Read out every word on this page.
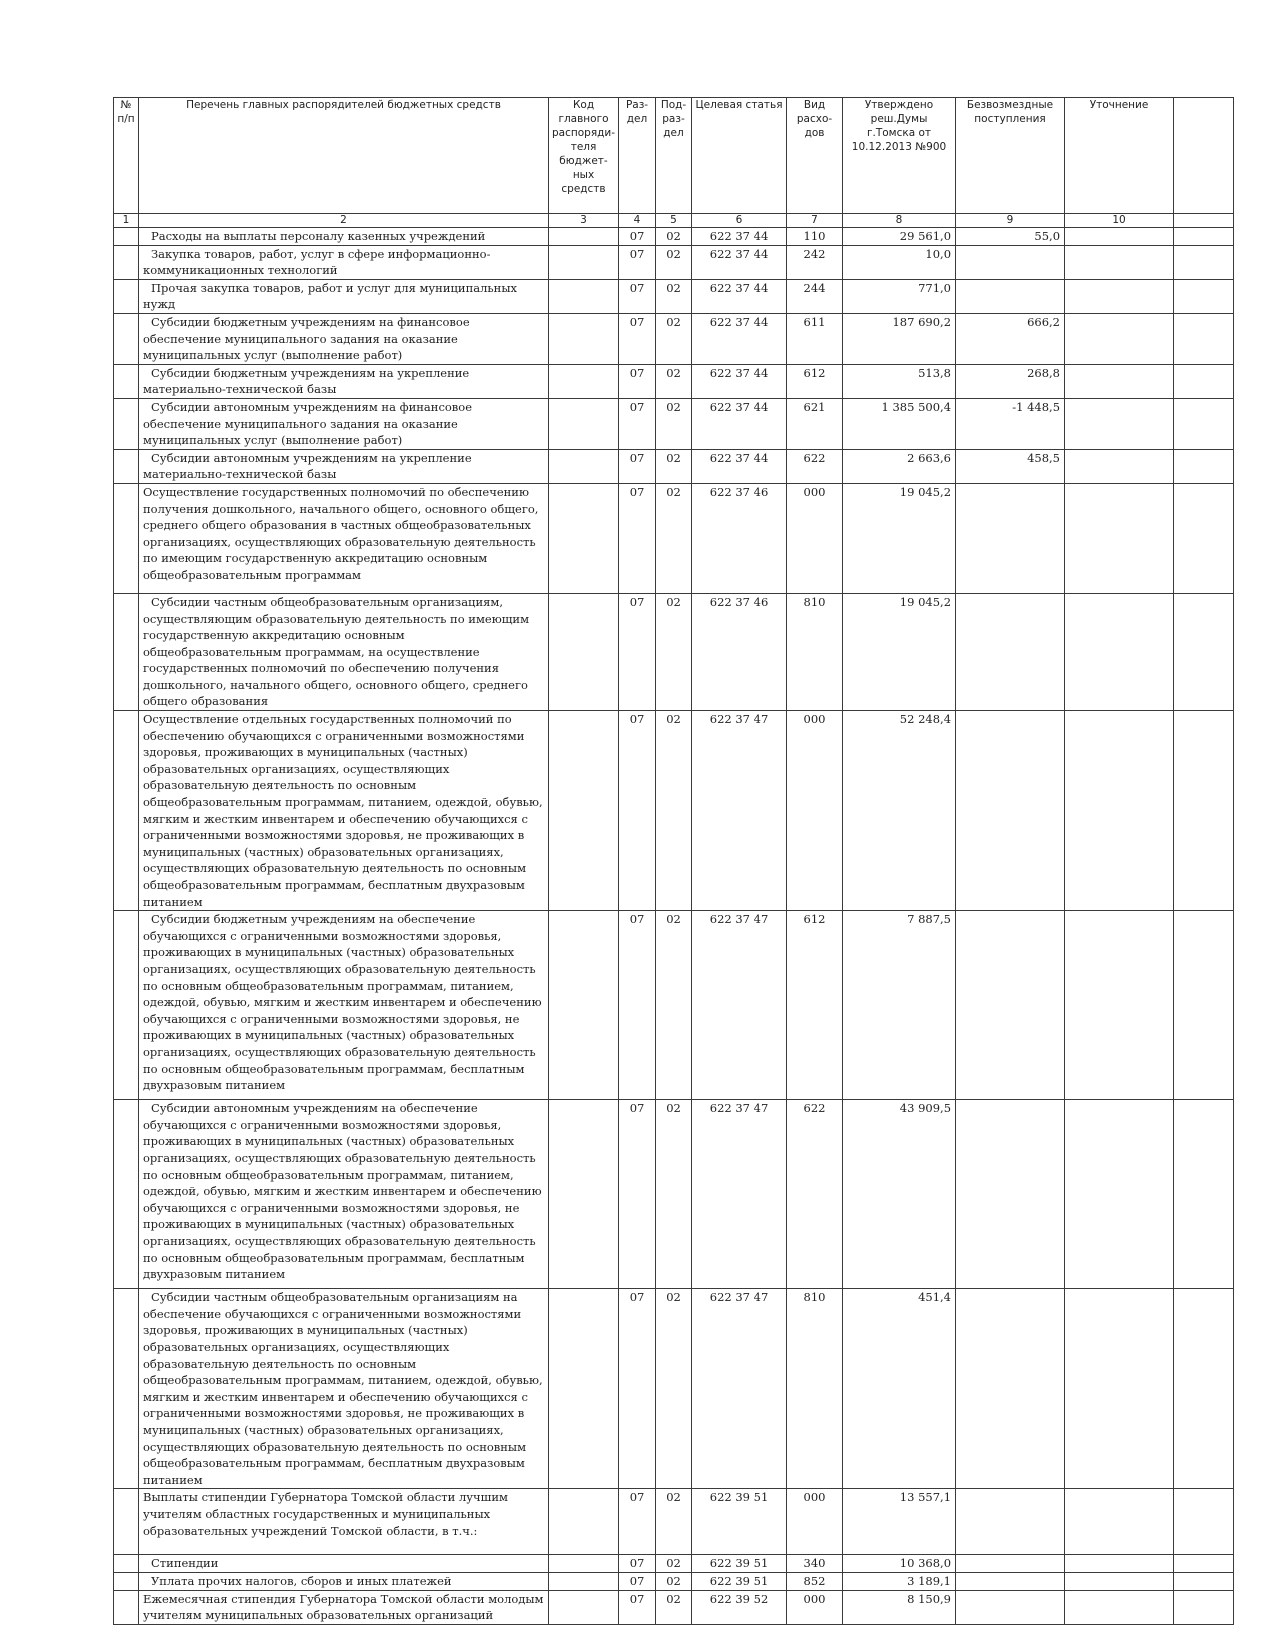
№ п/п	Перечень главных распорядителей бюджетных средств	Код главного распоряди-теля бюджет-ных средств	Раз-дел	Под-раз-дел	Целевая статья	Вид расхо-дов	Утверждено реш.Думы г.Томска от 10.12.2013 №900	Безвозмездные поступления	Уточнение	
1	2	3	4	5	6	7	8	9	10	
	Расходы на выплаты персоналу казенных учреждений		07	02	622 37 44	110	29 561,0	55,0		
	Закупка товаров, работ, услуг в сфере информационно-коммуникационных технологий		07	02	622 37 44	242	10,0			
	Прочая закупка товаров, работ и услуг для муниципальных нужд		07	02	622 37 44	244	771,0			
	Субсидии бюджетным учреждениям на финансовое обеспечение муниципального задания на оказание муниципальных услуг (выполнение работ)		07	02	622 37 44	611	187 690,2	666,2		
	Субсидии бюджетным учреждениям на укрепление материально-технической базы		07	02	622 37 44	612	513,8	268,8		
	Субсидии автономным учреждениям на финансовое обеспечение муниципального задания на оказание муниципальных услуг (выполнение работ)		07	02	622 37 44	621	1 385 500,4	-1 448,5		
	Субсидии автономным учреждениям на укрепление материально-технической базы		07	02	622 37 44	622	2 663,6	458,5		
	Осуществление государственных полномочий по обеспечению получения дошкольного, начального общего, основного общего, среднего общего образования в частных общеобразовательных организациях, осуществляющих образовательную деятельность по имеющим государственную аккредитацию основным общеобразовательным программам		07	02	622 37 46	000	19 045,2			
	Субсидии частным общеобразовательным организациям, осуществляющим образовательную деятельность по имеющим государственную аккредитацию основным общеобразовательным программам, на осуществление государственных полномочий по обеспечению получения дошкольного, начального общего, основного общего, среднего общего образования		07	02	622 37 46	810	19 045,2			
	Осуществление отдельных государственных полномочий по обеспечению обучающихся с ограниченными возможностями здоровья, проживающих в муниципальных (частных) образовательных организациях, осуществляющих образовательную деятельность по основным общеобразовательным программам, питанием, одеждой, обувью, мягким и жестким инвентарем и обеспечению обучающихся с ограниченными возможностями здоровья, не проживающих в муниципальных (частных) образовательных организациях, осуществляющих образовательную деятельность по основным общеобразовательным программам, бесплатным двухразовым питанием		07	02	622 37 47	000	52 248,4			
	Субсидии бюджетным учреждениям на обеспечение обучающихся с ограниченными возможностями здоровья, проживающих в муниципальных (частных) образовательных организациях, осуществляющих образовательную деятельность по основным общеобразовательным программам, питанием, одеждой, обувью, мягким и жестким инвентарем и обеспечению обучающихся с ограниченными возможностями здоровья, не проживающих в муниципальных (частных) образовательных организациях, осуществляющих образовательную деятельность по основным общеобразовательным программам, бесплатным двухразовым питанием		07	02	622 37 47	612	7 887,5			
	Субсидии автономным учреждениям на обеспечение обучающихся с ограниченными возможностями здоровья, проживающих в муниципальных (частных) образовательных организациях, осуществляющих образовательную деятельность по основным общеобразовательным программам, питанием, одеждой, обувью, мягким и жестким инвентарем и обеспечению обучающихся с ограниченными возможностями здоровья, не проживающих в муниципальных (частных) образовательных организациях, осуществляющих образовательную деятельность по основным общеобразовательным программам, бесплатным двухразовым питанием		07	02	622 37 47	622	43 909,5			
	Субсидии частным общеобразовательным организациям на обеспечение обучающихся с ограниченными возможностями здоровья, проживающих в муниципальных (частных) образовательных организациях, осуществляющих образовательную деятельность по основным общеобразовательным программам, питанием, одеждой, обувью, мягким и жестким инвентарем и обеспечению обучающихся с ограниченными возможностями здоровья, не проживающих в муниципальных (частных) образовательных организациях, осуществляющих образовательную деятельность по основным общеобразовательным программам, бесплатным двухразовым питанием		07	02	622 37 47	810	451,4			
	Выплаты стипендии Губернатора Томской области лучшим учителям областных государственных и муниципальных образовательных учреждений Томской области, в т.ч.:		07	02	622 39 51	000	13 557,1			
	Стипендии		07	02	622 39 51	340	10 368,0			
	Уплата прочих налогов, сборов и иных платежей		07	02	622 39 51	852	3 189,1			
	Ежемесячная стипендия Губернатора Томской области молодым учителям муниципальных образовательных организаций		07	02	622 39 52	000	8 150,9			
